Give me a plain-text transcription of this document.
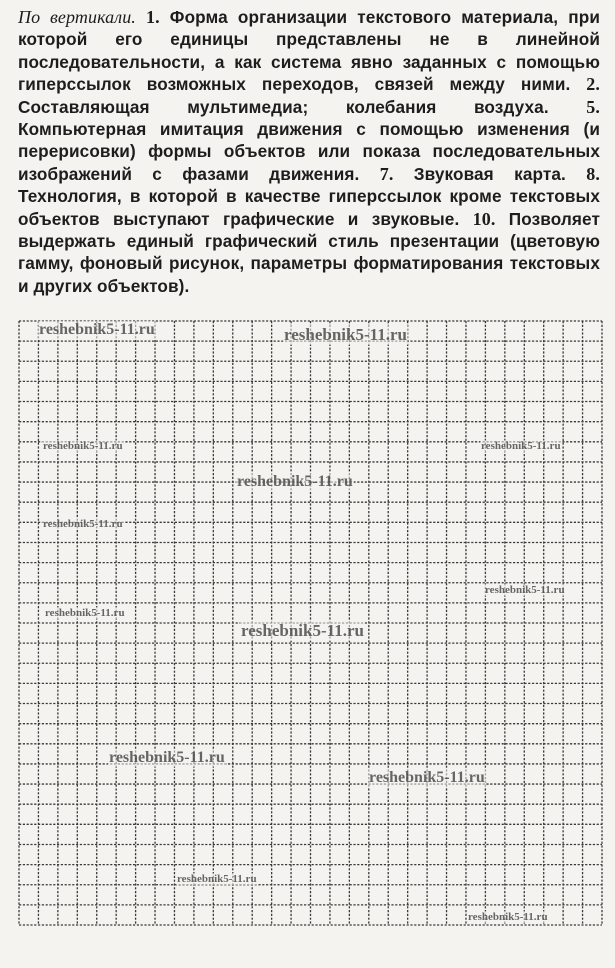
По вертикали. 1. Форма организации текстового материала, при которой его единицы представлены не в линейной последовательности, а как система явно заданных с помощью гиперссылок возможных переходов, связей между ними. 2. Составляющая мультимедиа; колебания воздуха. 5. Компьютерная имитация движения с помощью изменения (и перерисовки) формы объектов или показа последовательных изображений с фазами движения. 7. Звуковая карта. 8. Технология, в которой в качестве гиперссылок кроме текстовых объектов выступают графические и звуковые. 10. Позволяет выдержать единый графический стиль презентации (цветовую гамму, фоновый рисунок, параметры форматирования текстовых и других объектов).
reshebnik5-11.ru	reshebnik5-11.ru
reshebnik5-11.ru	reshebnik5-11.ru
reshebnik5-11.ru
reshebnik5-11.ru
reshebnik5-11.ru
reshebnik5-11.ru
reshebnik5-11.ru
reshebnik5-11.ru
reshebnik5-11.ru
reshebnik5-11.ru
reshebnik5-11.ru
